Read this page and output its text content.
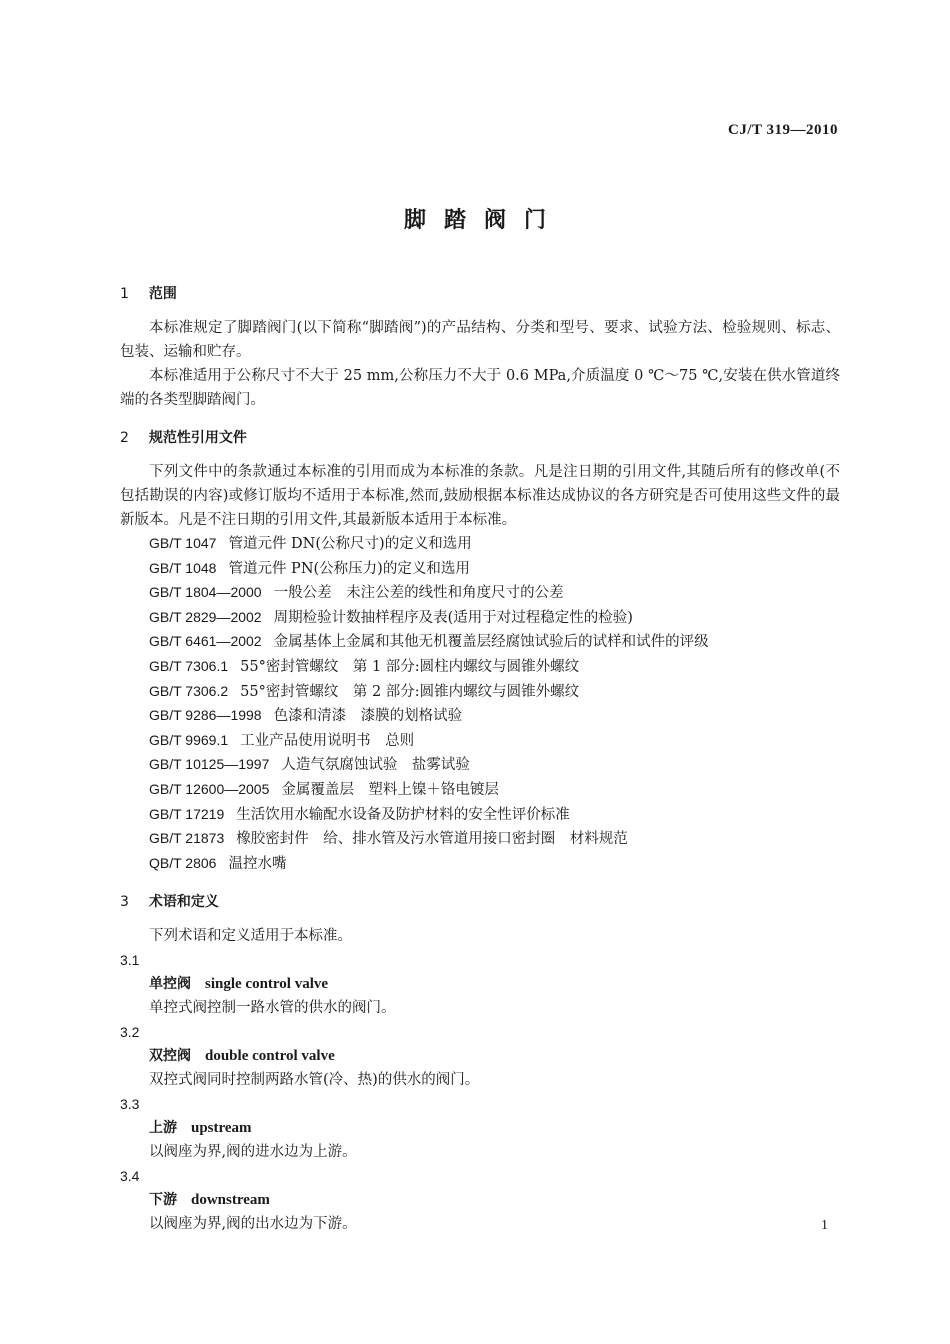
CJ/T 319—2010
脚踏阀门
1 范围
本标准规定了脚踏阀门(以下简称“脚踏阀”)的产品结构、分类和型号、要求、试验方法、检验规则、标志、包装、运输和贮存。
本标准适用于公称尺寸不大于 25 mm,公称压力不大于 0.6 MPa,介质温度 0 ℃～75 ℃,安装在供水管道终端的各类型脚踏阀门。
2 规范性引用文件
下列文件中的条款通过本标准的引用而成为本标准的条款。凡是注日期的引用文件,其随后所有的修改单(不包括勘误的内容)或修订版均不适用于本标准,然而,鼓励根据本标准达成协议的各方研究是否可使用这些文件的最新版本。凡是不注日期的引用文件,其最新版本适用于本标准。
GB/T 1047 管道元件 DN(公称尺寸)的定义和选用
GB/T 1048 管道元件 PN(公称压力)的定义和选用
GB/T 1804—2000 一般公差　未注公差的线性和角度尺寸的公差
GB/T 2829—2002 周期检验计数抽样程序及表(适用于对过程稳定性的检验)
GB/T 6461—2002 金属基体上金属和其他无机覆盖层经腐蚀试验后的试样和试件的评级
GB/T 7306.1 55°密封管螺纹　第 1 部分:圆柱内螺纹与圆锥外螺纹
GB/T 7306.2 55°密封管螺纹　第 2 部分:圆锥内螺纹与圆锥外螺纹
GB/T 9286—1998 色漆和清漆　漆膜的划格试验
GB/T 9969.1 工业产品使用说明书　总则
GB/T 10125—1997 人造气氛腐蚀试验　盐雾试验
GB/T 12600—2005 金属覆盖层　塑料上镍＋铬电镀层
GB/T 17219 生活饮用水输配水设备及防护材料的安全性评价标准
GB/T 21873 橡胶密封件　给、排水管及污水管道用接口密封圈　材料规范
QB/T 2806 温控水嘴
3 术语和定义
下列术语和定义适用于本标准。
3.1
单控阀 single control valve
单控式阀控制一路水管的供水的阀门。
3.2
双控阀 double control valve
双控式阀同时控制两路水管(冷、热)的供水的阀门。
3.3
上游 upstream
以阀座为界,阀的进水边为上游。
3.4
下游 downstream
以阀座为界,阀的出水边为下游。	1
